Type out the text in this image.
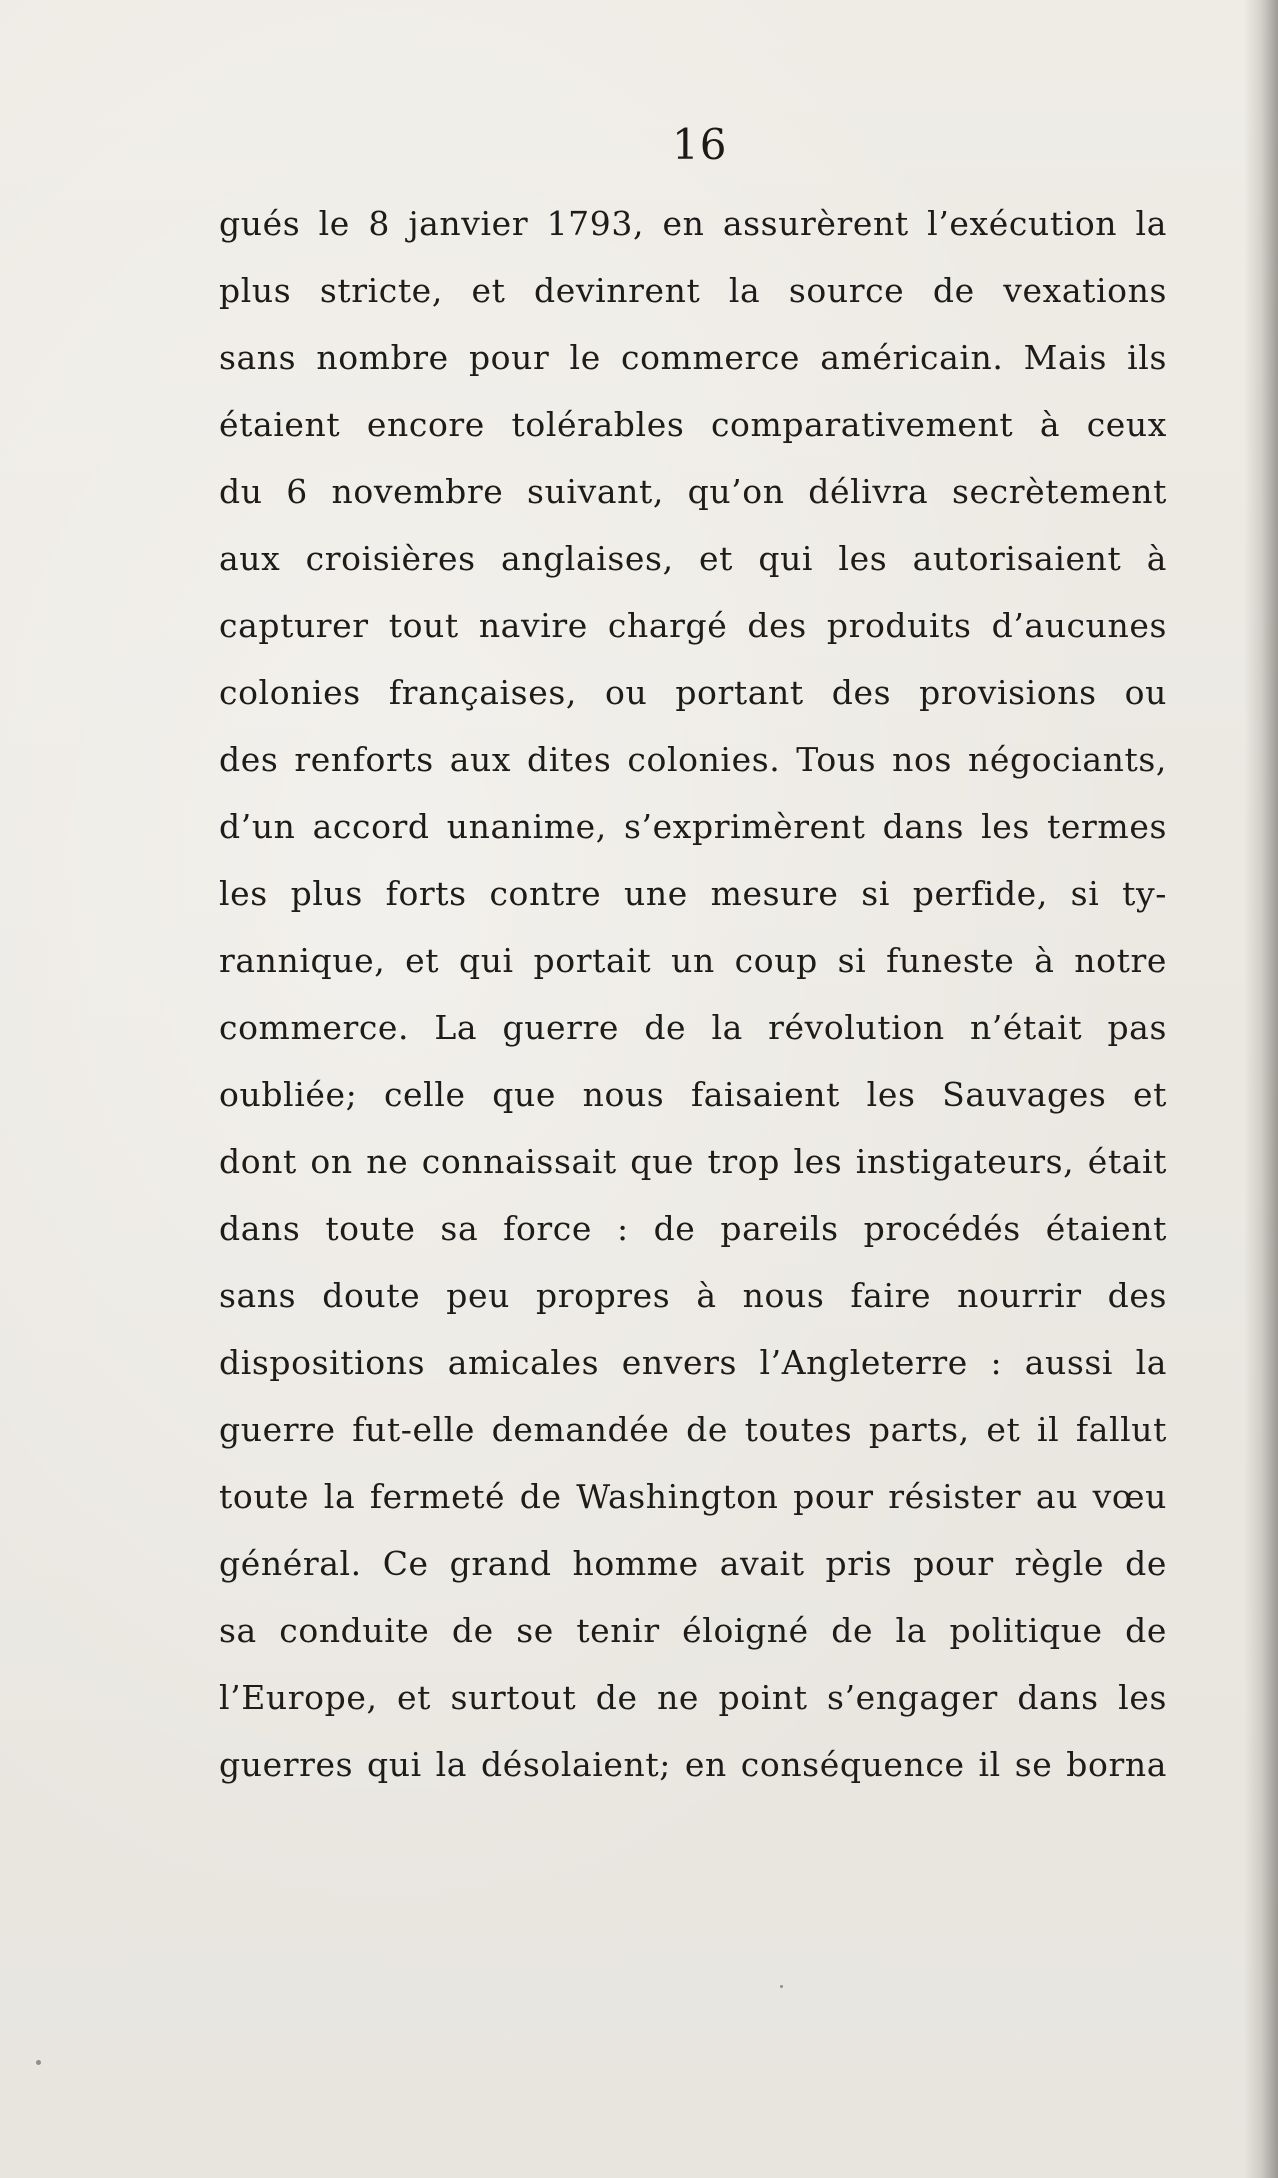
16
gués le 8 janvier 1793, en assurèrent l’exécution la
plus stricte, et devinrent la source de vexations
sans nombre pour le commerce américain. Mais ils
étaient encore tolérables comparativement à ceux
du 6 novembre suivant, qu’on délivra secrètement
aux croisières anglaises, et qui les autorisaient à
capturer tout navire chargé des produits d’aucunes
colonies françaises, ou portant des provisions ou
des renforts aux dites colonies. Tous nos négociants,
d’un accord unanime, s’exprimèrent dans les termes
les plus forts contre une mesure si perfide, si ty-
rannique, et qui portait un coup si funeste à notre
commerce. La guerre de la révolution n’était pas
oubliée; celle que nous faisaient les Sauvages et
dont on ne connaissait que trop les instigateurs, était
dans toute sa force : de pareils procédés étaient
sans doute peu propres à nous faire nourrir des
dispositions amicales envers l’Angleterre : aussi la
guerre fut-elle demandée de toutes parts, et il fallut
toute la fermeté de Washington pour résister au vœu
général. Ce grand homme avait pris pour règle de
sa conduite de se tenir éloigné de la politique de
l’Europe, et surtout de ne point s’engager dans les
guerres qui la désolaient; en conséquence il se borna
